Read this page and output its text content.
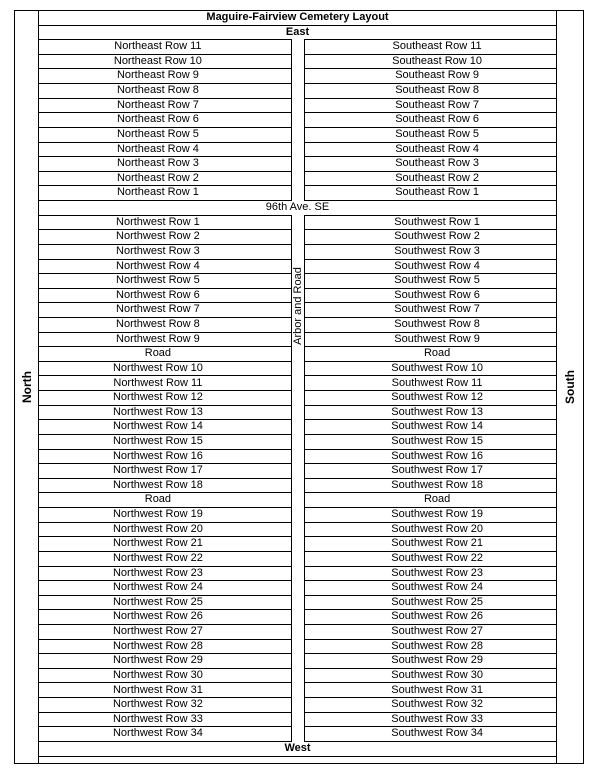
North
Maguire-Fairview Cemetery Layout
East
Northeast Row 11	Southeast Row 11
Northeast Row 10	Southeast Row 10
Northeast Row 9	Southeast Row 9
Northeast Row 8	Southeast Row 8
Northeast Row 7	Southeast Row 7
Northeast Row 6	Southeast Row 6
Northeast Row 5	Southeast Row 5
Northeast Row 4	Southeast Row 4
Northeast Row 3	Southeast Row 3
Northeast Row 2	Southeast Row 2
Northeast Row 1	Southeast Row 1
96th Ave. SE
Northwest Row 1	Southwest Row 1
Northwest Row 2	Southwest Row 2
Northwest Row 3	Southwest Row 3
Northwest Row 4	Southwest Row 4
Northwest Row 5	Southwest Row 5
Northwest Row 6	Southwest Row 6
Northwest Row 7	Southwest Row 7
Northwest Row 8	Southwest Row 8
Northwest Row 9	Southwest Row 9
Road	Road
Northwest Row 10	Southwest Row 10
Northwest Row 11	Southwest Row 11
Northwest Row 12	Southwest Row 12
Northwest Row 13	Southwest Row 13
Northwest Row 14	Southwest Row 14
Northwest Row 15	Southwest Row 15
Northwest Row 16	Southwest Row 16
Northwest Row 17	Southwest Row 17
Northwest Row 18	Southwest Row 18
Road	Road
Northwest Row 19	Southwest Row 19
Northwest Row 20	Southwest Row 20
Northwest Row 21	Southwest Row 21
Northwest Row 22	Southwest Row 22
Northwest Row 23	Southwest Row 23
Northwest Row 24	Southwest Row 24
Northwest Row 25	Southwest Row 25
Northwest Row 26	Southwest Row 26
Northwest Row 27	Southwest Row 27
Northwest Row 28	Southwest Row 28
Northwest Row 29	Southwest Row 29
Northwest Row 30	Southwest Row 30
Northwest Row 31	Southwest Row 31
Northwest Row 32	Southwest Row 32
Northwest Row 33	Southwest Row 33
Northwest Row 34	Southwest Row 34
West
Arbor and Road
South
